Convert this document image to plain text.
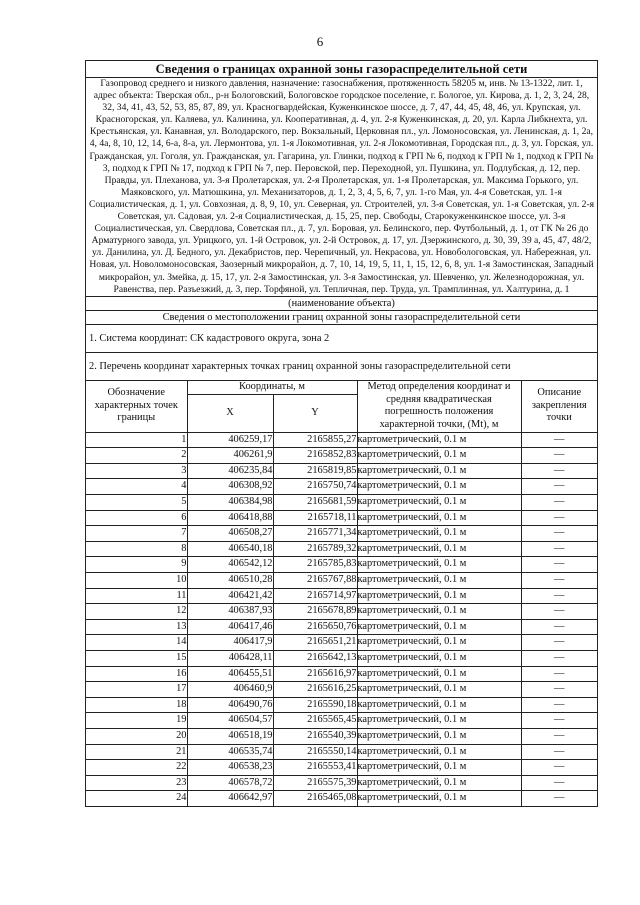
6
Сведения о границах охранной зоны газораспределительной сети
Газопровод среднего и низкого давления, назначение: газоснабжения, протяженность 58205 м, инв. № 13-1322, лит. 1, адрес объекта: Тверская обл., р-н Бологовский, Бологовское городское поселение, г. Бологое, ул. Кирова, д. 1, 2, 3, 24, 28, 32, 34, 41, 43, 52, 53, 85, 87, 89, ул. Красногвардейская, Куженкинское шоссе, д. 7, 47, 44, 45, 48, 46, ул. Крупская, ул. Красногорская, ул. Каляева, ул. Калинина, ул. Кооперативная, д. 4, ул. 2-я Куженкинская, д. 20, ул. Карла Либкнехта, ул. Крестьянская, ул. Канавная, ул. Володарского, пер. Вокзальный, Церковная пл., ул. Ломоносовская, ул. Ленинская, д. 1, 2а, 4, 4а, 8, 10, 12, 14, 6-а, 8-а, ул. Лермонтова, ул. 1-я Локомотивная, ул. 2-я Локомотивная, Городская пл., д. 3, ул. Горская, ул. Гражданская, ул. Гоголя, ул. Гражданская, ул. Гагарина, ул. Глинки, подход к ГРП № 6, подход к ГРП № 1, подход к ГРП № 3, подход к ГРП № 17, подход к ГРП № 7, пер. Перовской, пер. Переходной, ул. Пушкина, ул. Подлубская, д. 12, пер. Правды, ул. Плеханова, ул. 3-я Пролетарская, ул. 2-я Пролетарская, ул. 1-я Пролетарская, ул. Максима Горького, ул. Маяковского, ул. Матюшкина, ул. Механизаторов, д. 1, 2, 3, 4, 5, 6, 7, ул. 1-го Мая, ул. 4-я Советская, ул. 1-я Социалистическая, д. 1, ул. Совхозная, д. 8, 9, 10, ул. Северная, ул. Строителей, ул. 3-я Советская, ул. 1-я Советская, ул. 2-я Советская, ул. Садовая, ул. 2-я Социалистическая, д. 15, 25, пер. Свободы, Старокуженкинское шоссе, ул. 3-я Социалистическая, ул. Свердлова, Советская пл., д. 7, ул. Боровая, ул. Белинского, пер. Футбольный, д. 1, от ГК № 26 до Арматурного завода, ул. Урицкого, ул. 1-й Островок, ул. 2-й Островок, д. 17, ул. Дзержинского, д. 30, 39, 39 а, 45, 47, 48/2, ул. Данилина, ул. Д. Бедного, ул. Декабристов, пер. Черепичный, ул. Некрасова, ул. Новобологовская, ул. Набережная, ул. Новая, ул. Новоломоносовская, Заозерный микрорайон, д. 7, 10, 14, 19, 5, 11, 1, 15, 12, 6, 8, ул. 1-я Замостинская, Западный микрорайон, ул. Змейка, д. 15, 17, ул. 2-я Замостинская, ул. 3-я Замостинская, ул. Шевченко, ул. Железнодорожная, ул. Равенства, пер. Разъезжий, д. 3, пер. Торфяной, ул. Тепличная, пер. Труда, ул. Трамплинная, ул. Халтурина, д. 1
(наименование объекта)
Сведения о местоположении границ охранной зоны газораспределительной сети
1. Система координат: СК кадастрового округа, зона 2
2. Перечень координат характерных точках границ охранной зоны газораспределительной сети
Обозначение характерных точек границы	Координаты, м		Метод определения координат и средняя квадратическая погрешность положения характерной точки, (Mt), м	Описание закрепления точки
	X	Y		
1	406259,17	2165855,27	картометрический, 0.1 м	—
2	406261,9	2165852,83	картометрический, 0.1 м	—
3	406235,84	2165819,85	картометрический, 0.1 м	—
4	406308,92	2165750,74	картометрический, 0.1 м	—
5	406384,98	2165681,59	картометрический, 0.1 м	—
6	406418,88	2165718,11	картометрический, 0.1 м	—
7	406508,27	2165771,34	картометрический, 0.1 м	—
8	406540,18	2165789,32	картометрический, 0.1 м	—
9	406542,12	2165785,83	картометрический, 0.1 м	—
10	406510,28	2165767,88	картометрический, 0.1 м	—
11	406421,42	2165714,97	картометрический, 0.1 м	—
12	406387,93	2165678,89	картометрический, 0.1 м	—
13	406417,46	2165650,76	картометрический, 0.1 м	—
14	406417,9	2165651,21	картометрический, 0.1 м	—
15	406428,11	2165642,13	картометрический, 0.1 м	—
16	406455,51	2165616,97	картометрический, 0.1 м	—
17	406460,9	2165616,25	картометрический, 0.1 м	—
18	406490,76	2165590,18	картометрический, 0.1 м	—
19	406504,57	2165565,45	картометрический, 0.1 м	—
20	406518,19	2165540,39	картометрический, 0.1 м	—
21	406535,74	2165550,14	картометрический, 0.1 м	—
22	406538,23	2165553,41	картометрический, 0.1 м	—
23	406578,72	2165575,39	картометрический, 0.1 м	—
24	406642,97	2165465,08	картометрический, 0.1 м	—
